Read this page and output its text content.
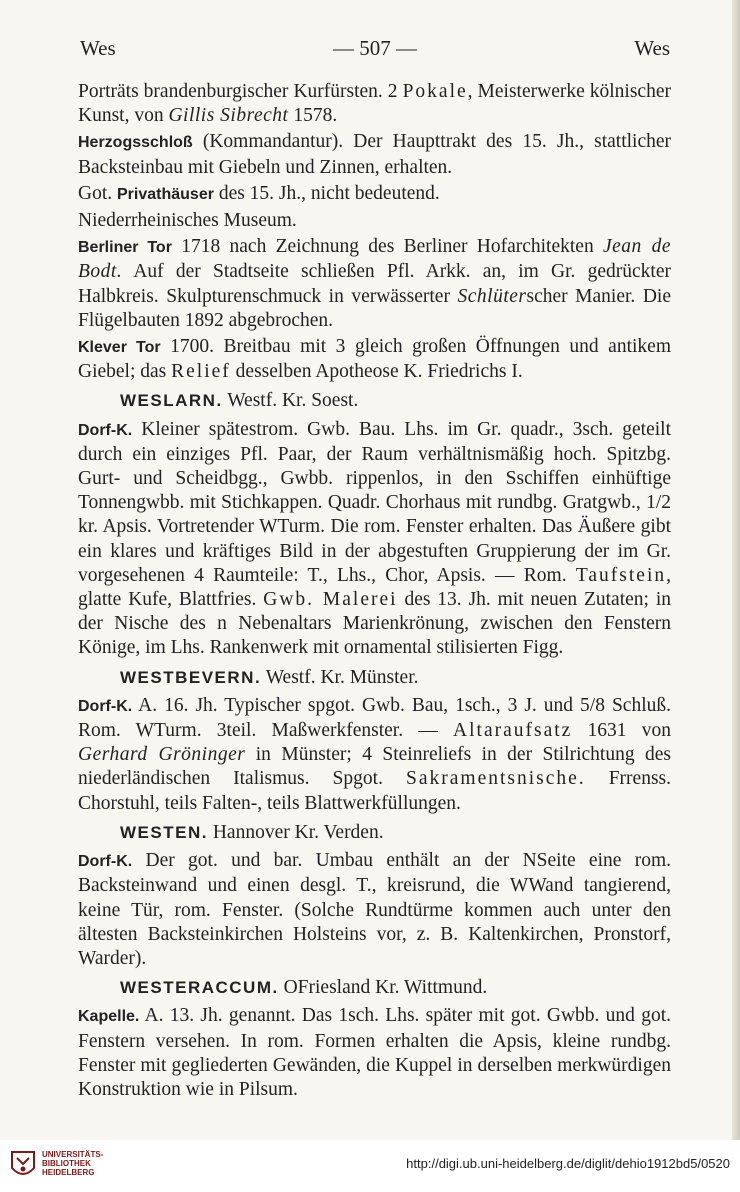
Wes	— 507 —	Wes

Porträts brandenburgischer Kurfürsten. 2 Pokale, Meisterwerke kölnischer Kunst, von Gillis Sibrecht 1578.

Herzogsschloß (Kommandantur). Der Haupttrakt des 15. Jh., stattlicher Backsteinbau mit Giebeln und Zinnen, erhalten.

Got. Privathäuser des 15. Jh., nicht bedeutend.

Niederrheinisches Museum.

Berliner Tor 1718 nach Zeichnung des Berliner Hofarchitekten Jean de Bodt. Auf der Stadtseite schließen Pfl. Arkk. an, im Gr. gedrückter Halbkreis. Skulpturenschmuck in verwässerter Schlüterscher Manier. Die Flügelbauten 1892 abgebrochen.

Klever Tor 1700. Breitbau mit 3 gleich großen Öffnungen und antikem Giebel; das Relief desselben Apotheose K. Friedrichs I.

WESLARN. Westf. Kr. Soest.

Dorf-K. Kleiner spätestrom. Gwb. Bau. Lhs. im Gr. quadr., 3sch. geteilt durch ein einziges Pfl. Paar, der Raum verhältnismäßig hoch. Spitzbg. Gurt- und Scheidbgg., Gwbb. rippenlos, in den Sschiffen einhüftige Tonnengwbb. mit Stichkappen. Quadr. Chorhaus mit rundbg. Gratgwb., 1/2 kr. Apsis. Vortretender WTurm. Die rom. Fenster erhalten. Das Äußere gibt ein klares und kräftiges Bild in der abgestuften Gruppierung der im Gr. vorgesehenen 4 Raumteile: T., Lhs., Chor, Apsis. — Rom. Taufstein, glatte Kufe, Blattfries. Gwb. Malerei des 13. Jh. mit neuen Zutaten; in der Nische des n Nebenaltars Marienkrönung, zwischen den Fenstern Könige, im Lhs. Rankenwerk mit ornamental stilisierten Figg.

WESTBEVERN. Westf. Kr. Münster.

Dorf-K. A. 16. Jh. Typischer spgot. Gwb. Bau, 1sch., 3 J. und 5/8 Schluß. Rom. WTurm. 3teil. Maßwerkfenster. — Altaraufsatz 1631 von Gerhard Gröninger in Münster; 4 Steinreliefs in der Stilrichtung des niederländischen Italismus. Spgot. Sakramentsnische. Frrenss. Chorstuhl, teils Falten-, teils Blattwerkfüllungen.

WESTEN. Hannover Kr. Verden.

Dorf-K. Der got. und bar. Umbau enthält an der NSeite eine rom. Backsteinwand und einen desgl. T., kreisrund, die WWand tangierend, keine Tür, rom. Fenster. (Solche Rundtürme kommen auch unter den ältesten Backsteinkirchen Holsteins vor, z. B. Kaltenkirchen, Pronstorf, Warder).

WESTERACCUM. OFriesland Kr. Wittmund.

Kapelle. A. 13. Jh. genannt. Das 1sch. Lhs. später mit got. Gwbb. und got. Fenstern versehen. In rom. Formen erhalten die Apsis, kleine rundbg. Fenster mit gegliederten Gewänden, die Kuppel in derselben merkwürdigen Konstruktion wie in Pilsum.

UNIVERSITÄTS-
BIBLIOTHEK
HEIDELBERG
http://digi.ub.uni-heidelberg.de/diglit/dehio1912bd5/0520
